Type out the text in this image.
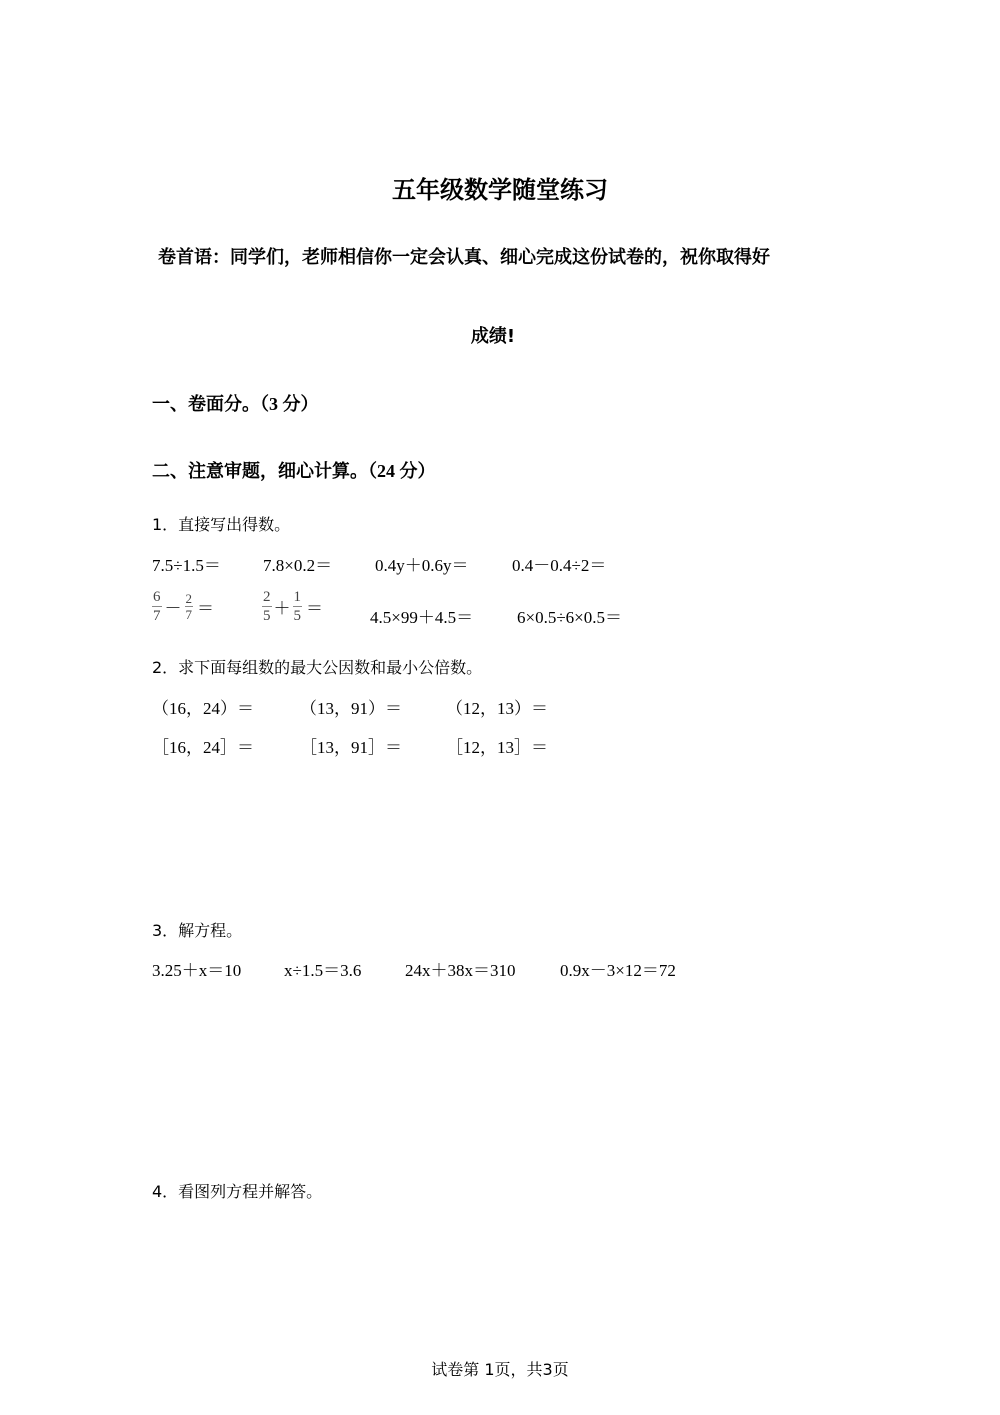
五年级数学随堂练习
卷首语：同学们，老师相信你一定会认真、细心完成这份试卷的，祝你取得好
成绩!
一、卷面分。（3 分）
二、注意审题，细心计算。（24 分）
1．直接写出得数。
7.5÷1.5＝ 7.8×0.2＝	0.4y＋0.6y＝	0.4－0.4÷2＝
$\frac{6}{7} - \frac{2}{7}$ ＝	$\frac{2}{5} + \frac{1}{5}$ ＝	4.5×99＋4.5＝	6×0.5÷6×0.5＝
2．求下面每组数的最大公因数和最小公倍数。
（16，24）＝	（13，91）＝	（12，13）＝
［16，24］＝	［13，91］＝	［12，13］＝
3．解方程。
3.25＋x＝10	x÷1.5＝3.6	24x＋38x＝310	0.9x－3×12＝72
4．看图列方程并解答。
试卷第 1页，共3页
